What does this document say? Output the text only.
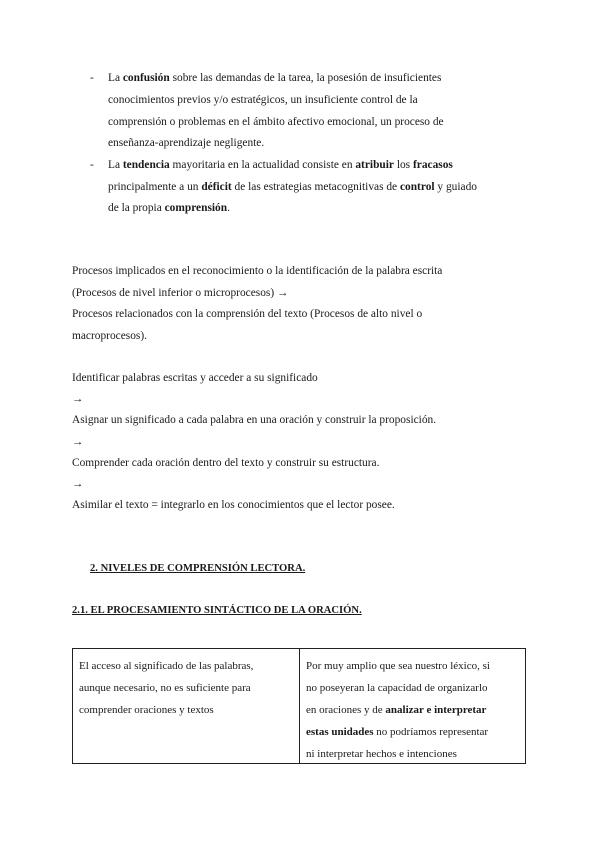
- La confusión sobre las demandas de la tarea, la posesión de insuficientes
conocimientos previos y/o estratégicos, un insuficiente control de la
comprensión o problemas en el ámbito afectivo emocional, un proceso de
enseñanza-aprendizaje negligente.
- La tendencia mayoritaria en la actualidad consiste en atribuir los fracasos
principalmente a un déficit de las estrategias metacognitivas de control y guiado
de la propia comprensión.
Procesos implicados en el reconocimiento o la identificación de la palabra escrita
(Procesos de nivel inferior o microprocesos) →
Procesos relacionados con la comprensión del texto (Procesos de alto nivel o
macroprocesos).
Identificar palabras escritas y acceder a su significado
→
Asignar un significado a cada palabra en una oración y construir la proposición.
→
Comprender cada oración dentro del texto y construir su estructura.
→
Asimilar el texto = integrarlo en los conocimientos que el lector posee.
2. NIVELES DE COMPRENSIÓN LECTORA.
2.1. EL PROCESAMIENTO SINTÁCTICO DE LA ORACIÓN.
El acceso al significado de las palabras,
aunque necesario, no es suficiente para
comprender oraciones y textos
Por muy amplio que sea nuestro léxico, si
no poseyeran la capacidad de organizarlo
en oraciones y de analizar e interpretar
estas unidades no podríamos representar
ni interpretar hechos e intenciones
